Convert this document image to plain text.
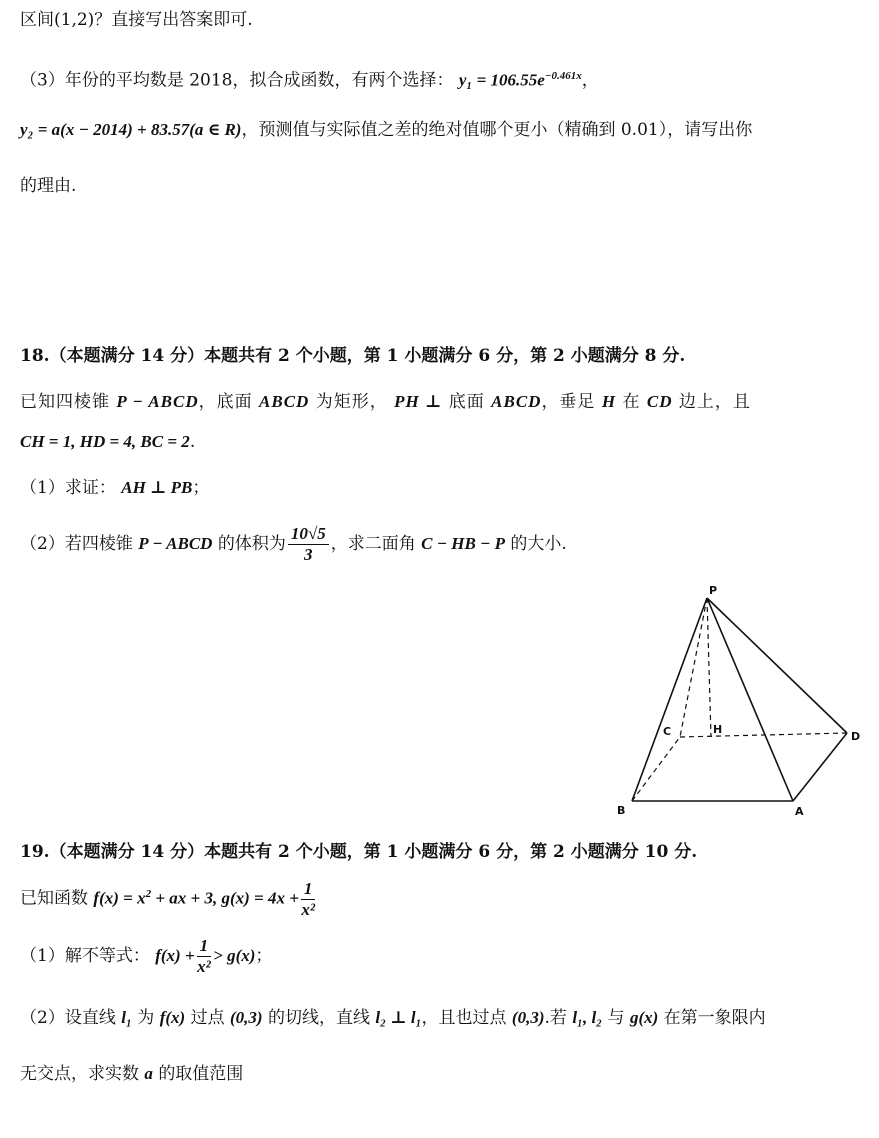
区间(1,2)？直接写出答案即可.
（3）年份的平均数是 2018，拟合成函数，有两个选择： $y_1 = 106.55e^{-0.461x}$，
y₂ = a(x − 2014) + 83.57(a ∈ R)，预测值与实际值之差的绝对值哪个更小（精确到 0.01），请写出你
的理由.
18.（本题满分 14 分）本题共有 2 个小题，第 1 小题满分 6 分，第 2 小题满分 8 分.
已知四棱锥 P − ABCD，底面 ABCD 为矩形， PH ⊥ 底面 ABCD，垂足 H 在 CD 边上，且
CH = 1, HD = 4, BC = 2.
（1）求证： AH ⊥ PB；
（2）若四棱锥 P − ABCD 的体积为 $\frac{10√5}{3}$ ，求二面角 C − HB − P 的大小.
P
C	H
D
B	A
19.（本题满分 14 分）本题共有 2 个小题，第 1 小题满分 6 分，第 2 小题满分 10 分.
已知函数 $f(x) = x^2$ + ax + 3, $g(x) = 4x + \frac{1}{\text{x²}}$
（1）解不等式： $f(x) + \frac{1}{\text{x²}} > g(x)$；
（2）设直线 l₁ 为 f(x) 过点 (0,3) 的切线，直线 l₂ ⊥ l₁，且也过点 (0,3).若 l₁, l₂ 与 g(x) 在第一象限内
无交点，求实数 a 的取值范围
